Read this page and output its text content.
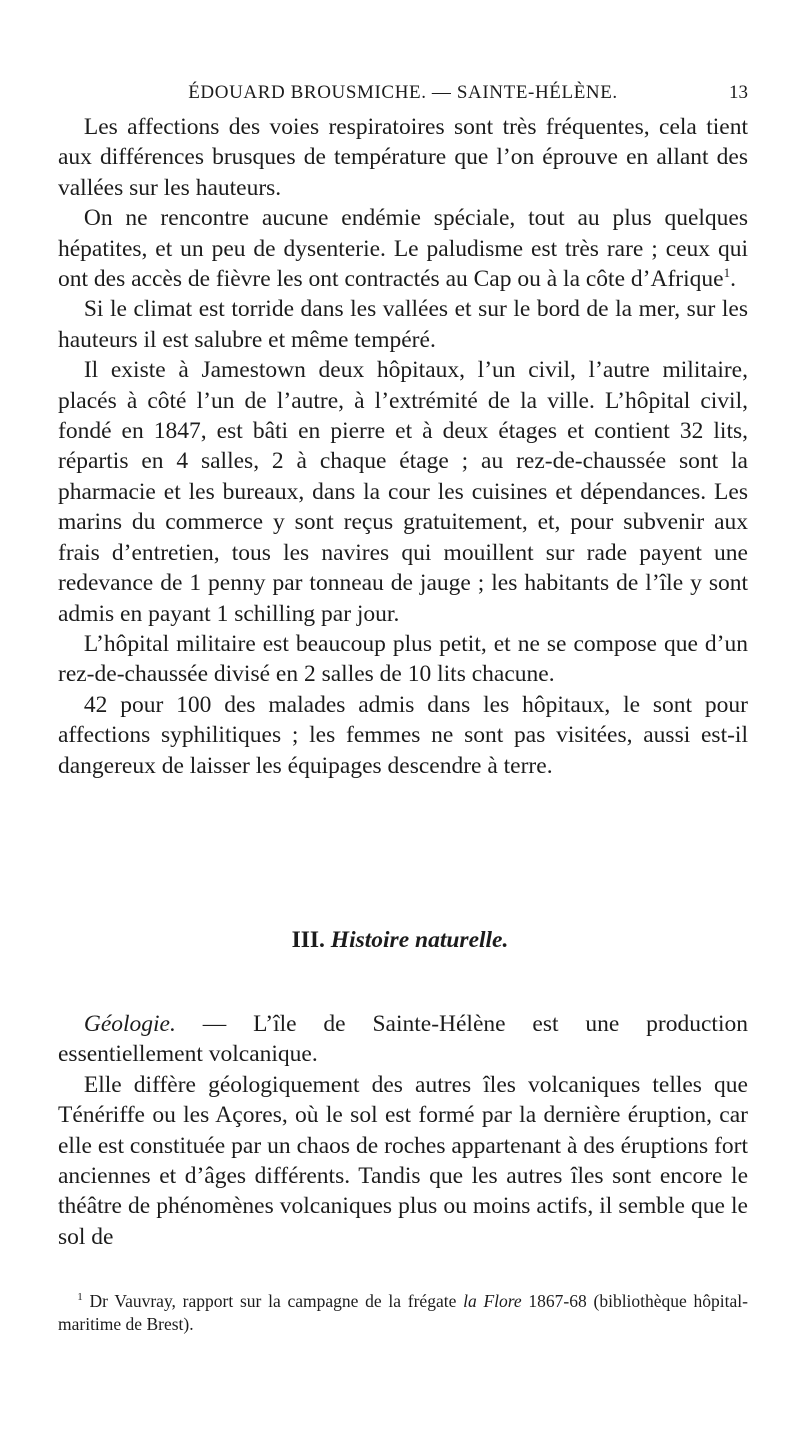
ÉDOUARD BROUSMICHE. — SAINTE-HÉLÈNE.	13

Les affections des voies respiratoires sont très fréquentes, cela tient aux différences brusques de température que l’on éprouve en allant des vallées sur les hauteurs.

On ne rencontre aucune endémie spéciale, tout au plus quelques hépatites, et un peu de dysenterie. Le paludisme est très rare ; ceux qui ont des accès de fièvre les ont contractés au Cap ou à la côte d’Afrique$^1$.

Si le climat est torride dans les vallées et sur le bord de la mer, sur les hauteurs il est salubre et même tempéré.

Il existe à Jamestown deux hôpitaux, l’un civil, l’autre militaire, placés à côté l’un de l’autre, à l’extrémité de la ville. L’hôpital civil, fondé en 1847, est bâti en pierre et à deux étages et contient 32 lits, répartis en 4 salles, 2 à chaque étage ; au rez-de-chaussée sont la pharmacie et les bureaux, dans la cour les cuisines et dépendances. Les marins du commerce y sont reçus gratuitement, et, pour subvenir aux frais d’entretien, tous les navires qui mouillent sur rade payent une redevance de 1 penny par tonneau de jauge ; les habitants de l’île y sont admis en payant 1 schilling par jour.

L’hôpital militaire est beaucoup plus petit, et ne se compose que d’un rez-de-chaussée divisé en 2 salles de 10 lits chacune.

42 pour 100 des malades admis dans les hôpitaux, le sont pour affections syphilitiques ; les femmes ne sont pas visitées, aussi est-il dangereux de laisser les équipages descendre à terre.

III. Histoire naturelle.

Géologie. — L’île de Sainte-Hélène est une production essentiellement volcanique.

Elle diffère géologiquement des autres îles volcaniques telles que Ténériffe ou les Açores, où le sol est formé par la dernière éruption, car elle est constituée par un chaos de roches appartenant à des éruptions fort anciennes et d’âges différents. Tandis que les autres îles sont encore le théâtre de phénomènes volcaniques plus ou moins actifs, il semble que le sol de

$^1$ Dr Vauvray, rapport sur la campagne de la frégate la Flore 1867-68 (bibliothèque hôpital-maritime de Brest).
